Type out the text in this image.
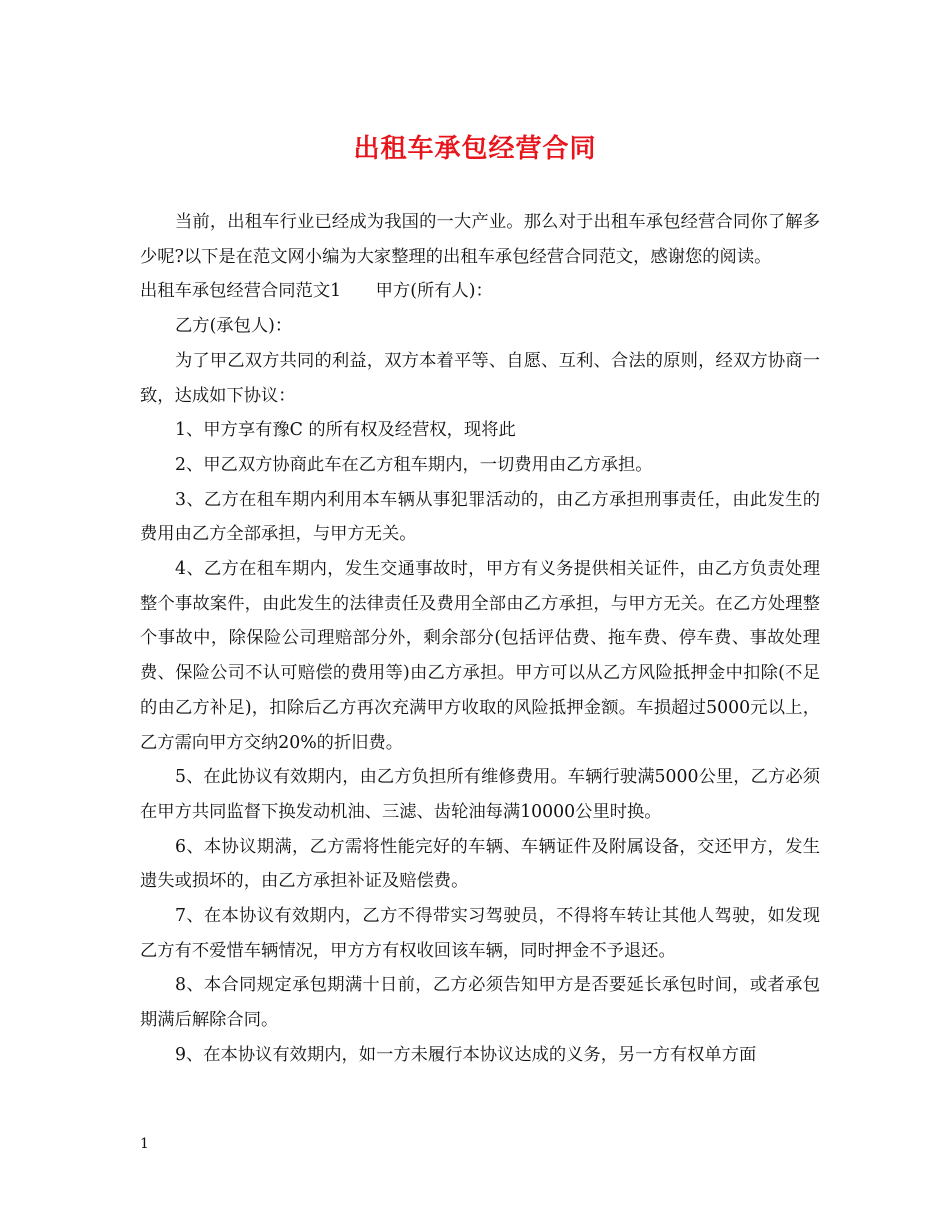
出租车承包经营合同

当前，出租车行业已经成为我国的一大产业。那么对于出租车承包经营合同你了解多少呢?以下是在范文网小编为大家整理的出租车承包经营合同范文，感谢您的阅读。

出租车承包经营合同范文1　　甲方(所有人)：

乙方(承包人)：

为了甲乙双方共同的利益，双方本着平等、自愿、互利、合法的原则，经双方协商一致，达成如下协议：

1、甲方享有豫C 的所有权及经营权，现将此

2、甲乙双方协商此车在乙方租车期内，一切费用由乙方承担。

3、乙方在租车期内利用本车辆从事犯罪活动的，由乙方承担刑事责任，由此发生的费用由乙方全部承担，与甲方无关。

4、乙方在租车期内，发生交通事故时，甲方有义务提供相关证件，由乙方负责处理整个事故案件，由此发生的法律责任及费用全部由乙方承担，与甲方无关。在乙方处理整个事故中，除保险公司理赔部分外，剩余部分(包括评估费、拖车费、停车费、事故处理费、保险公司不认可赔偿的费用等)由乙方承担。甲方可以从乙方风险抵押金中扣除(不足的由乙方补足)，扣除后乙方再次充满甲方收取的风险抵押金额。车损超过5000元以上，乙方需向甲方交纳20%的折旧费。

5、在此协议有效期内，由乙方负担所有维修费用。车辆行驶满5000公里，乙方必须在甲方共同监督下换发动机油、三滤、齿轮油每满10000公里时换。

6、本协议期满，乙方需将性能完好的车辆、车辆证件及附属设备，交还甲方，发生遗失或损坏的，由乙方承担补证及赔偿费。

7、在本协议有效期内，乙方不得带实习驾驶员，不得将车转让其他人驾驶，如发现乙方有不爱惜车辆情况，甲方方有权收回该车辆，同时押金不予退还。

8、本合同规定承包期满十日前，乙方必须告知甲方是否要延长承包时间，或者承包期满后解除合同。

9、在本协议有效期内，如一方未履行本协议达成的义务，另一方有权单方面

1
